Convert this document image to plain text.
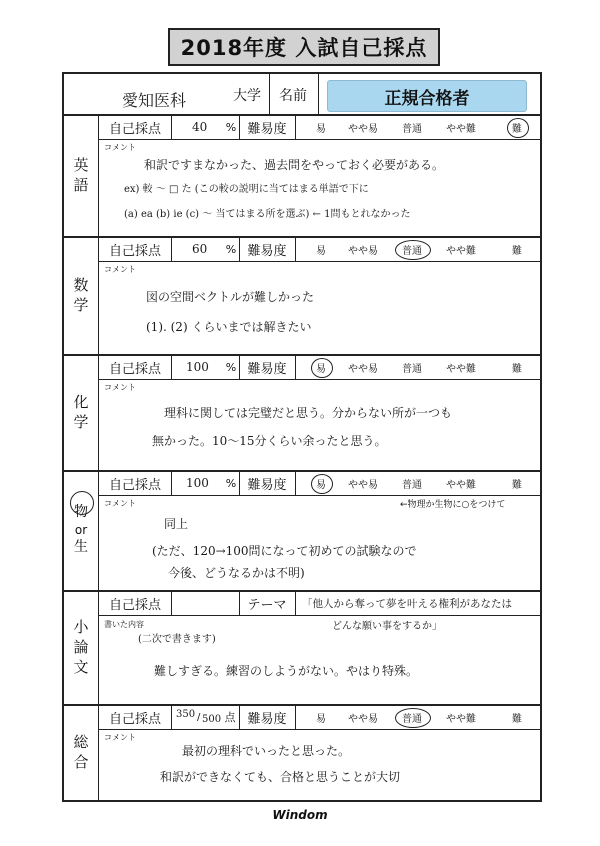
2018年度 入試自己採点
愛知医科	大学	名前	正規合格者
英
語
自己採点	40 % 難易度	易	やや易	普通	やや難	難
コメント
和訳ですまなかった、過去問をやっておく必要がある。
ex) 較 〜 □ た (この較の説明に当てはまる単語で下に
(a) ea (b) ie (c) 〜 当てはまる所を選ぶ) ← 1問もとれなかった
数
学
自己採点	60 % 難易度	易	やや易	普通	やや難	難
コメント
図の空間ベクトルが難しかった
(1). (2) くらいまでは解きたい
化
学
自己採点	100 % 難易度	易	やや易	普通	やや難	難
コメント
理科に関しては完璧だと思う。分からない所が一つも
無かった。10〜15分くらい余ったと思う。
物
or
生
自己採点	100 % 難易度	易	やや易	普通	やや難	難
コメント	←物理か生物に○をつけて
同上
(ただ、120→100問になって初めての試験なので
今後、どうなるかは不明)
小
論
文
自己採点	テーマ	「他人から奪って夢を叶える権利があなたは
どんな願い事をするか」
書いた内容
(二次で書きます)
難しすぎる。練習のしようがない。やはり特殊。
総
合
自己採点	350 / 500 点 難易度	易	やや易	普通	やや難	難
コメント
最初の理科でいったと思った。
和訳ができなくても、合格と思うことが大切
Windom
